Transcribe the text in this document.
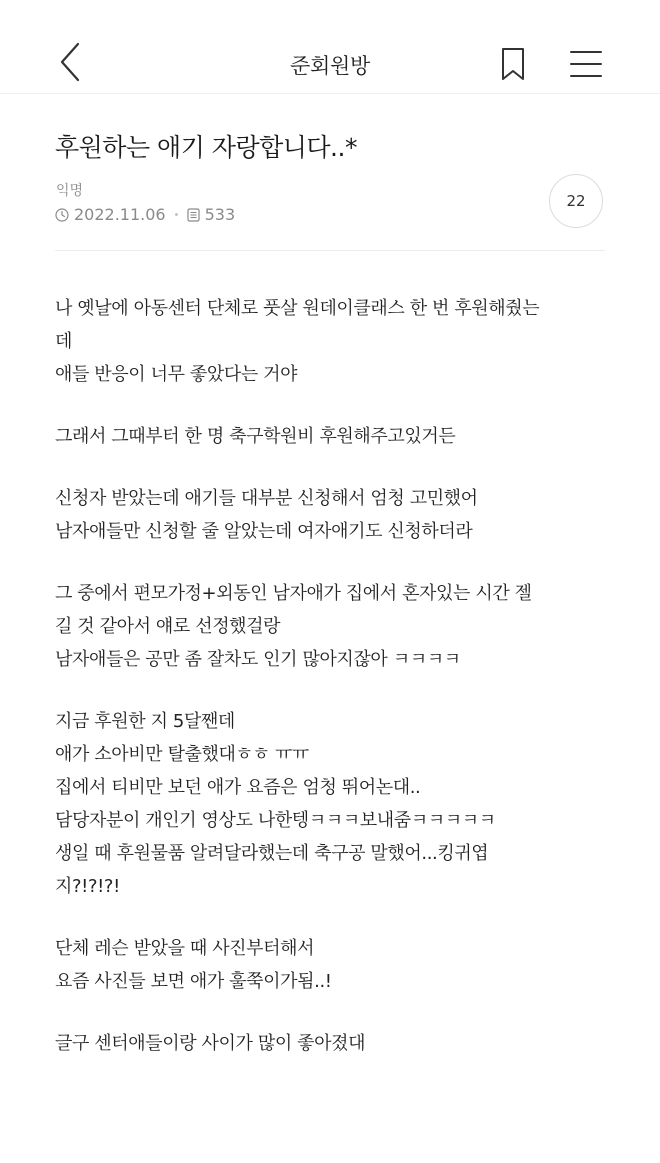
준회원방
후원하는 애기 자랑합니다..*
익명
2022.11.06 533
22
나 옛날에 아동센터 단체로 풋살 원데이클래스 한 번 후원해줬는
데
애들 반응이 너무 좋았다는 거야
그래서 그때부터 한 명 축구학원비 후원해주고있거든
신청자 받았는데 애기들 대부분 신청해서 엄청 고민했어
남자애들만 신청할 줄 알았는데 여자애기도 신청하더라
그 중에서 편모가정+외동인 남자애가 집에서 혼자있는 시간 젤
길 것 같아서 얘로 선정했걸랑
남자애들은 공만 좀 잘차도 인기 많아지잖아 ㅋㅋㅋㅋ
지금 후원한 지 5달짼데
애가 소아비만 탈출했대ㅎㅎ ㅠㅠ
집에서 티비만 보던 애가 요즘은 엄청 뛰어논대..
담당자분이 개인기 영상도 나한텡ㅋㅋㅋ보내줌ㅋㅋㅋㅋㅋ
생일 때 후원물품 알려달라했는데 축구공 말했어...킹귀엽
지?!?!?!
단체 레슨 받았을 때 사진부터해서
요즘 사진들 보면 애가 훌쭉이가됨..!
글구 센터애들이랑 사이가 많이 좋아졌대
